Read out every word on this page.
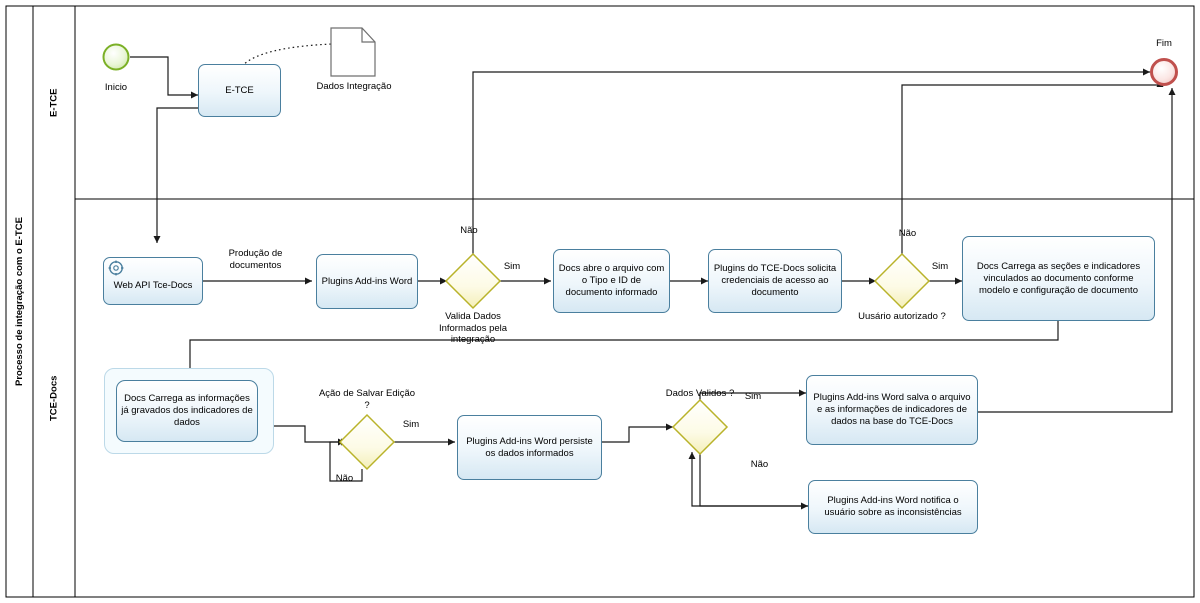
Processo de integração com o E-TCE
E-TCE
TCE-Docs
Inicio
Fim
Dados Integração
E-TCE
Web API Tce-Docs	Plugins Add-ins Word
Docs abre o arquivo com o Tipo e ID de documento informado
Plugins do TCE-Docs solicita credenciais de acesso ao documento
Docs Carrega as seções e indicadores vinculados ao documento conforme modelo e configuração de documento
Docs Carrega as informações já gravados dos indicadores de dados
Plugins Add-ins Word persiste os dados informados
Plugins Add-ins Word salva o arquivo e as informações de indicadores de dados na base do TCE-Docs
Plugins Add-ins Word notifica o usuário sobre as inconsistências
Valida Dados Informados pela integração
Uusário autorizado ?
Ação de Salvar Edição ?
Dados Validos ?
Produção de documentos
Não
Sim
Não
Sim
Sim
Não
Sim
Não
